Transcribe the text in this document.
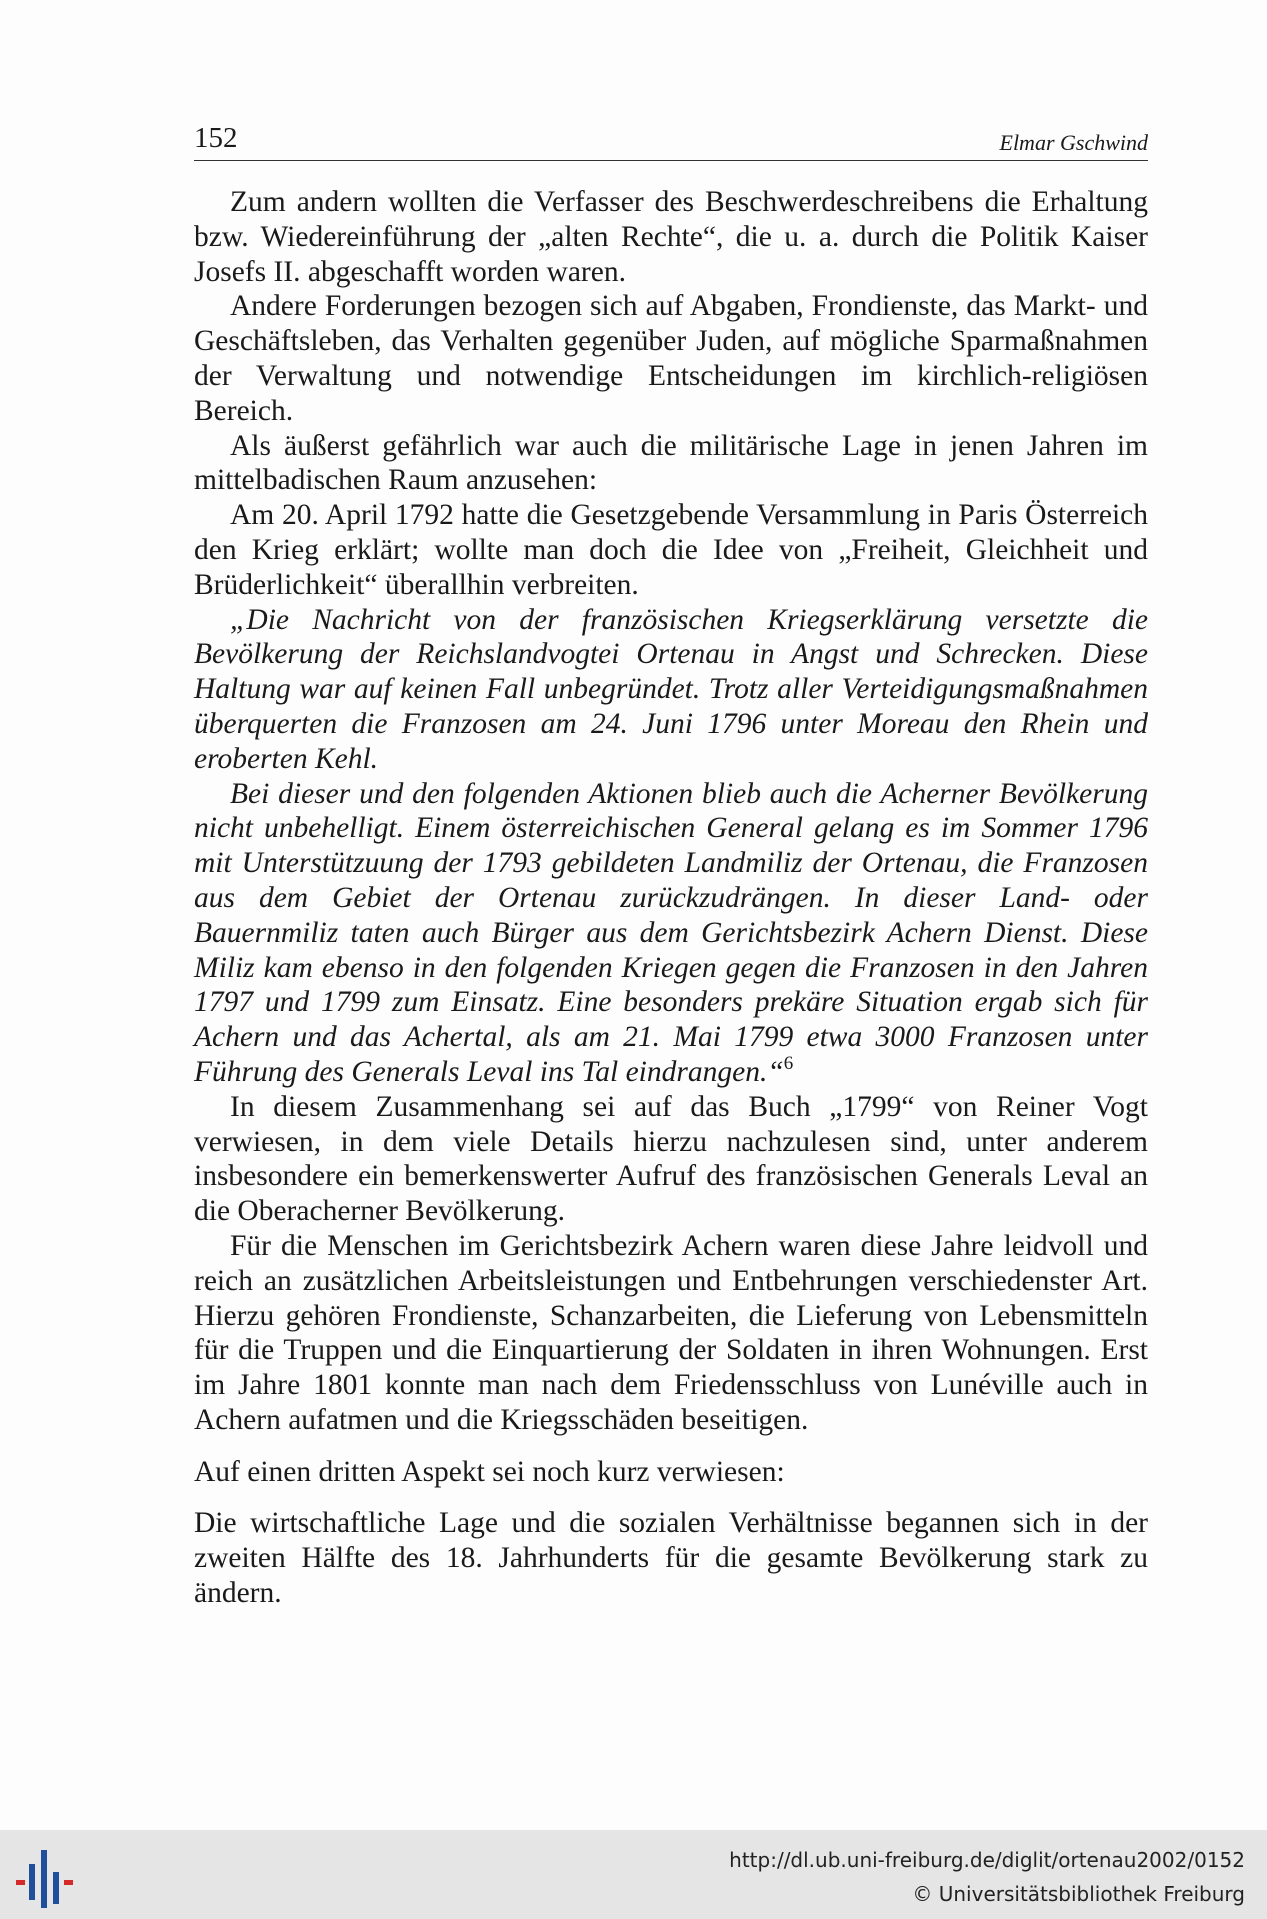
152	Elmar Gschwind

Zum andern wollten die Verfasser des Beschwerdeschreibens die Erhaltung bzw. Wiedereinführung der „alten Rechte“, die u. a. durch die Politik Kaiser Josefs II. abgeschafft worden waren.

Andere Forderungen bezogen sich auf Abgaben, Frondienste, das Markt- und Geschäftsleben, das Verhalten gegenüber Juden, auf mögliche Sparmaßnahmen der Verwaltung und notwendige Entscheidungen im kirchlich-religiösen Bereich.

Als äußerst gefährlich war auch die militärische Lage in jenen Jahren im mittelbadischen Raum anzusehen:

Am 20. April 1792 hatte die Gesetzgebende Versammlung in Paris Österreich den Krieg erklärt; wollte man doch die Idee von „Freiheit, Gleichheit und Brüderlichkeit“ überallhin verbreiten.

„Die Nachricht von der französischen Kriegserklärung versetzte die Bevölkerung der Reichslandvogtei Ortenau in Angst und Schrecken. Diese Haltung war auf keinen Fall unbegründet. Trotz aller Verteidigungsmaßnahmen überquerten die Franzosen am 24. Juni 1796 unter Moreau den Rhein und eroberten Kehl.

Bei dieser und den folgenden Aktionen blieb auch die Acherner Bevölkerung nicht unbehelligt. Einem österreichischen General gelang es im Sommer 1796 mit Unterstützuung der 1793 gebildeten Landmiliz der Ortenau, die Franzosen aus dem Gebiet der Ortenau zurückzudrängen. In dieser Land- oder Bauernmiliz taten auch Bürger aus dem Gerichtsbezirk Achern Dienst. Diese Miliz kam ebenso in den folgenden Kriegen gegen die Franzosen in den Jahren 1797 und 1799 zum Einsatz. Eine besonders prekäre Situation ergab sich für Achern und das Achertal, als am 21. Mai 1799 etwa 3000 Franzosen unter Führung des Generals Leval ins Tal eindrangen.“$^6$

In diesem Zusammenhang sei auf das Buch „1799“ von Reiner Vogt verwiesen, in dem viele Details hierzu nachzulesen sind, unter anderem insbesondere ein bemerkenswerter Aufruf des französischen Generals Leval an die Oberacherner Bevölkerung.

Für die Menschen im Gerichtsbezirk Achern waren diese Jahre leidvoll und reich an zusätzlichen Arbeitsleistungen und Entbehrungen verschiedenster Art. Hierzu gehören Frondienste, Schanzarbeiten, die Lieferung von Lebensmitteln für die Truppen und die Einquartierung der Soldaten in ihren Wohnungen. Erst im Jahre 1801 konnte man nach dem Friedensschluss von Lunéville auch in Achern aufatmen und die Kriegsschäden beseitigen.

Auf einen dritten Aspekt sei noch kurz verwiesen:

Die wirtschaftliche Lage und die sozialen Verhältnisse begannen sich in der zweiten Hälfte des 18. Jahrhunderts für die gesamte Bevölkerung stark zu ändern.

http://dl.ub.uni-freiburg.de/diglit/ortenau2002/0152
© Universitätsbibliothek Freiburg
